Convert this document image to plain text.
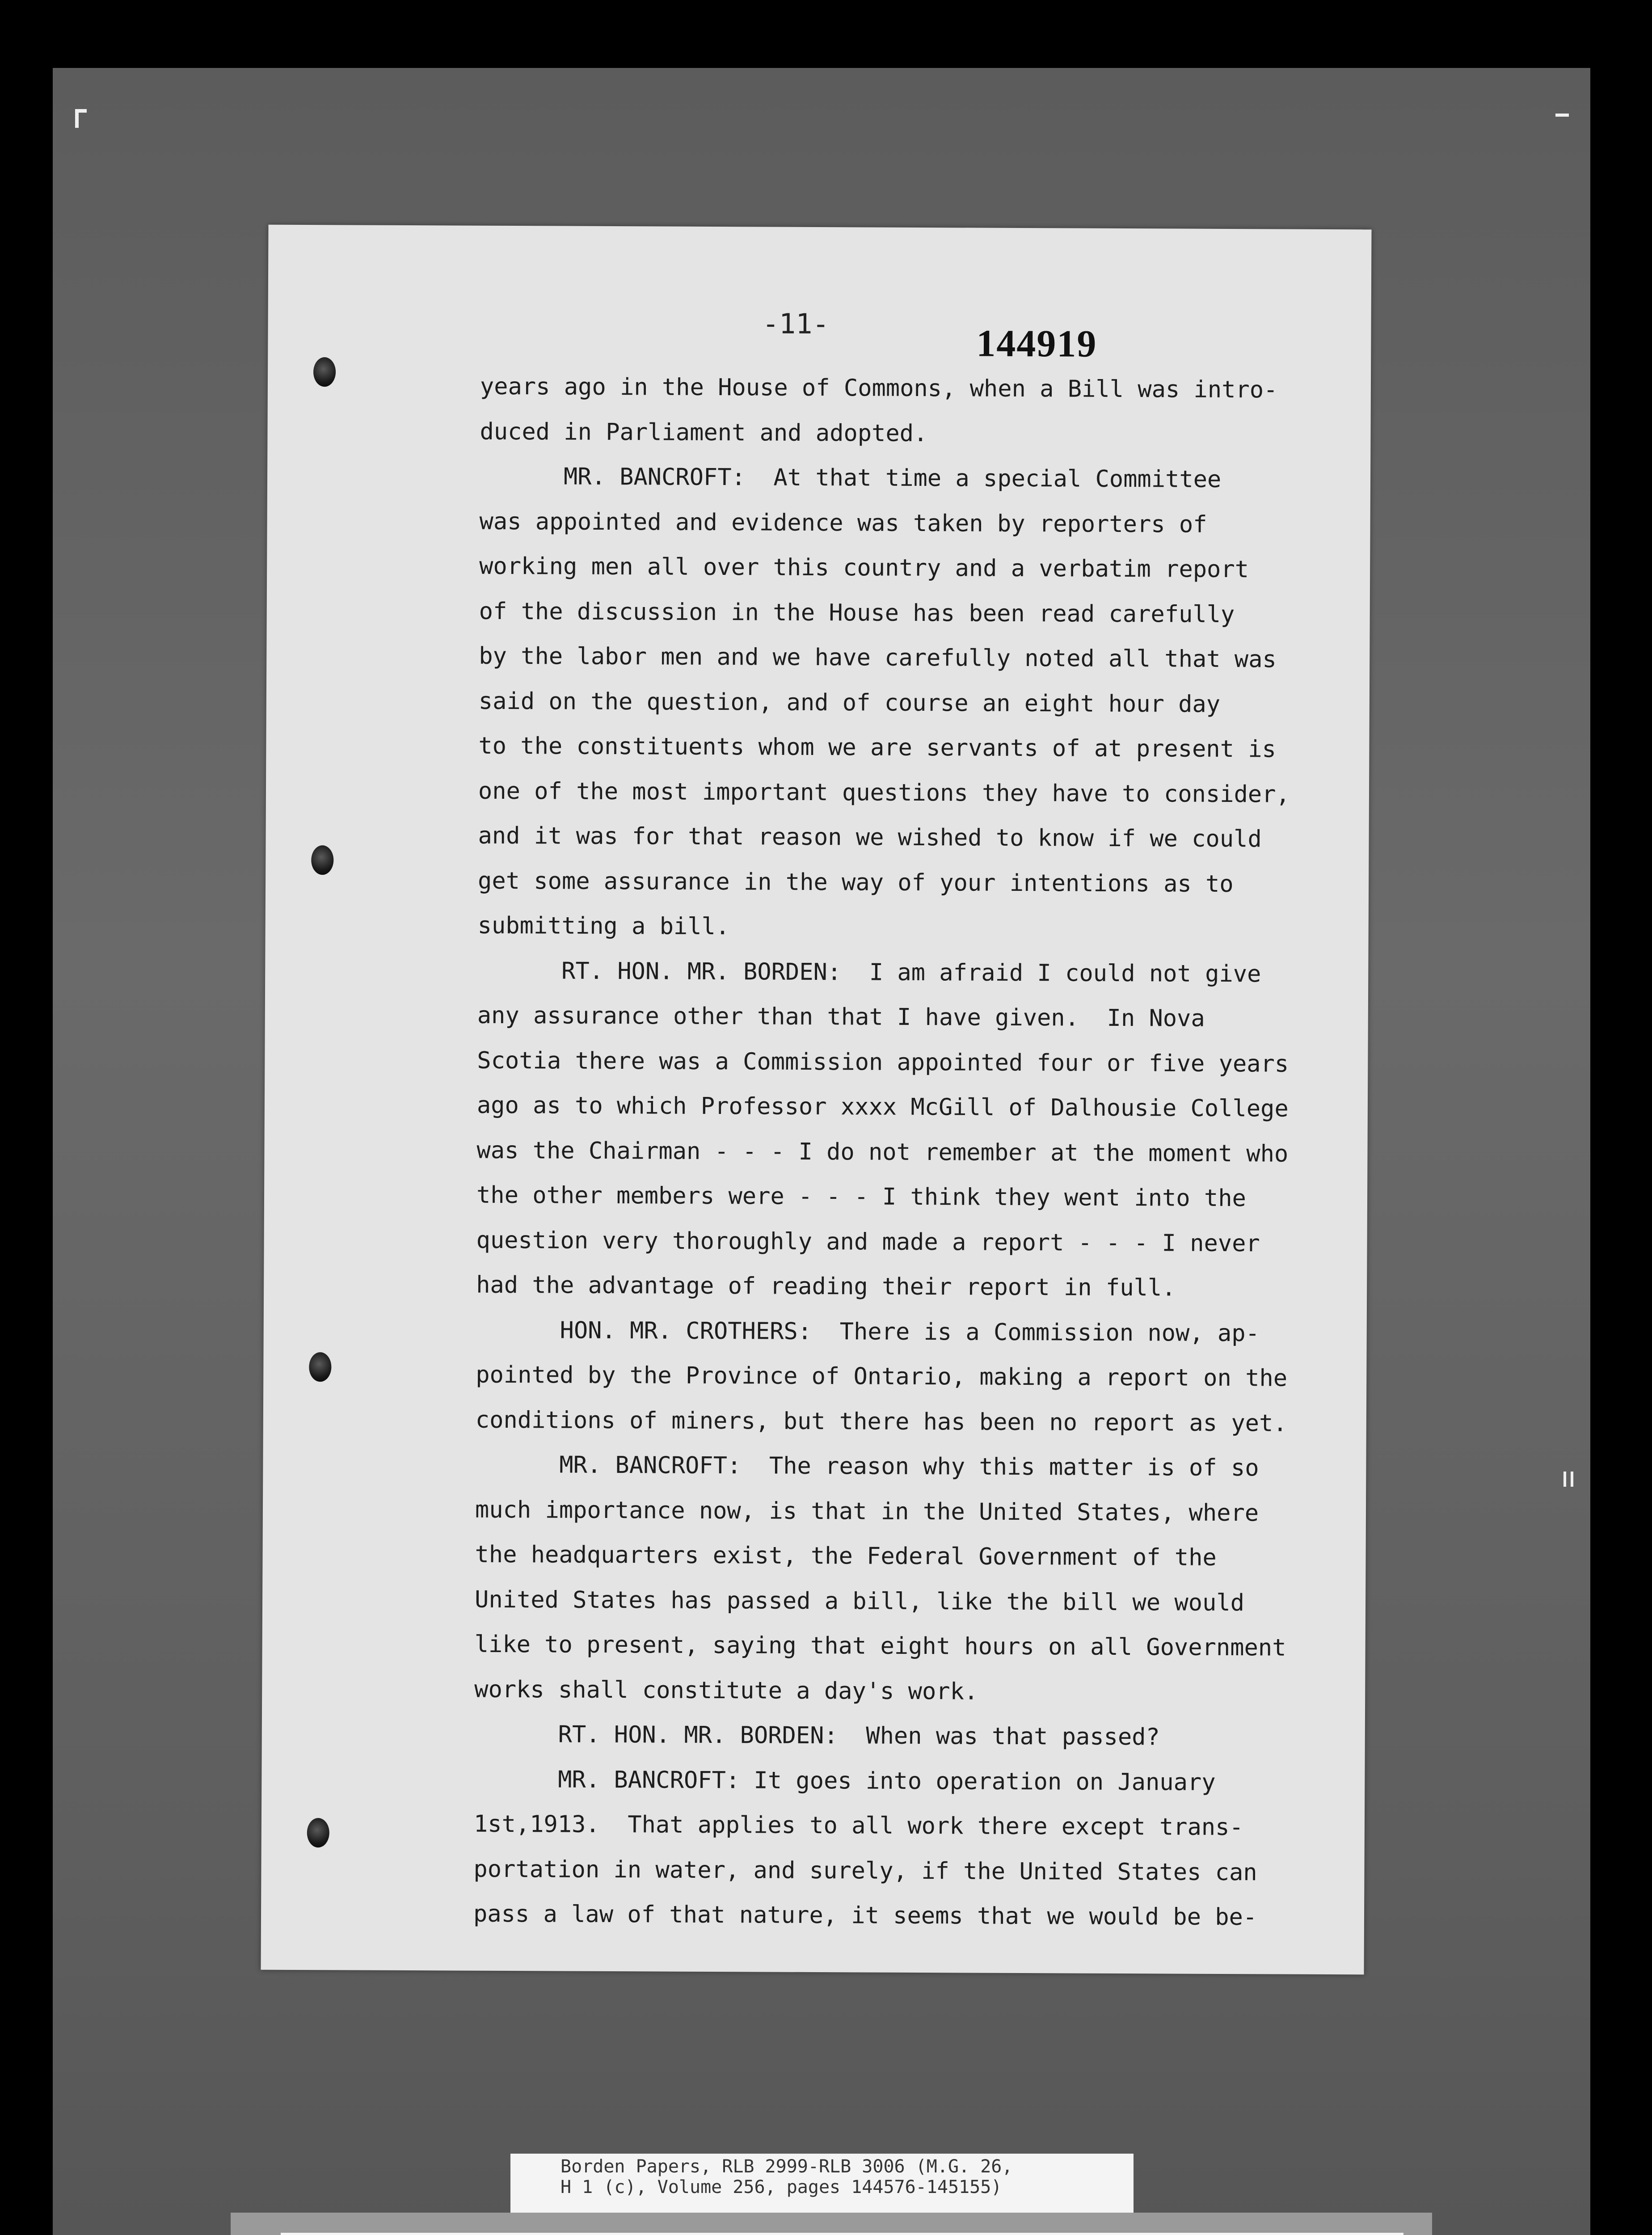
-11-	144919
years ago in the House of Commons, when a Bill was intro-
duced in Parliament and adopted.
MR. BANCROFT:  At that time a special Committee
was appointed and evidence was taken by reporters of
working men all over this country and a verbatim report
of the discussion in the House has been read carefully
by the labor men and we have carefully noted all that was
said on the question, and of course an eight hour day
to the constituents whom we are servants of at present is
one of the most important questions they have to consider,
and it was for that reason we wished to know if we could
get some assurance in the way of your intentions as to
submitting a bill.
RT. HON. MR. BORDEN:  I am afraid I could not give
any assurance other than that I have given.  In Nova
Scotia there was a Commission appointed four or five years
ago as to which Professor xxxx McGill of Dalhousie College
was the Chairman - - - I do not remember at the moment who
the other members were - - - I think they went into the
question very thoroughly and made a report - - - I never
had the advantage of reading their report in full.
HON. MR. CROTHERS:  There is a Commission now, ap-
pointed by the Province of Ontario, making a report on the
conditions of miners, but there has been no report as yet.
MR. BANCROFT:  The reason why this matter is of so
much importance now, is that in the United States, where
the headquarters exist, the Federal Government of the
United States has passed a bill, like the bill we would
like to present, saying that eight hours on all Government
works shall constitute a day's work.
RT. HON. MR. BORDEN:  When was that passed?
MR. BANCROFT: It goes into operation on January
1st,1913.  That applies to all work there except trans-
portation in water, and surely, if the United States can
pass a law of that nature, it seems that we would be be-
Borden Papers, RLB 2999-RLB 3006 (M.G. 26,
H 1 (c), Volume 256, pages 144576-145155)
